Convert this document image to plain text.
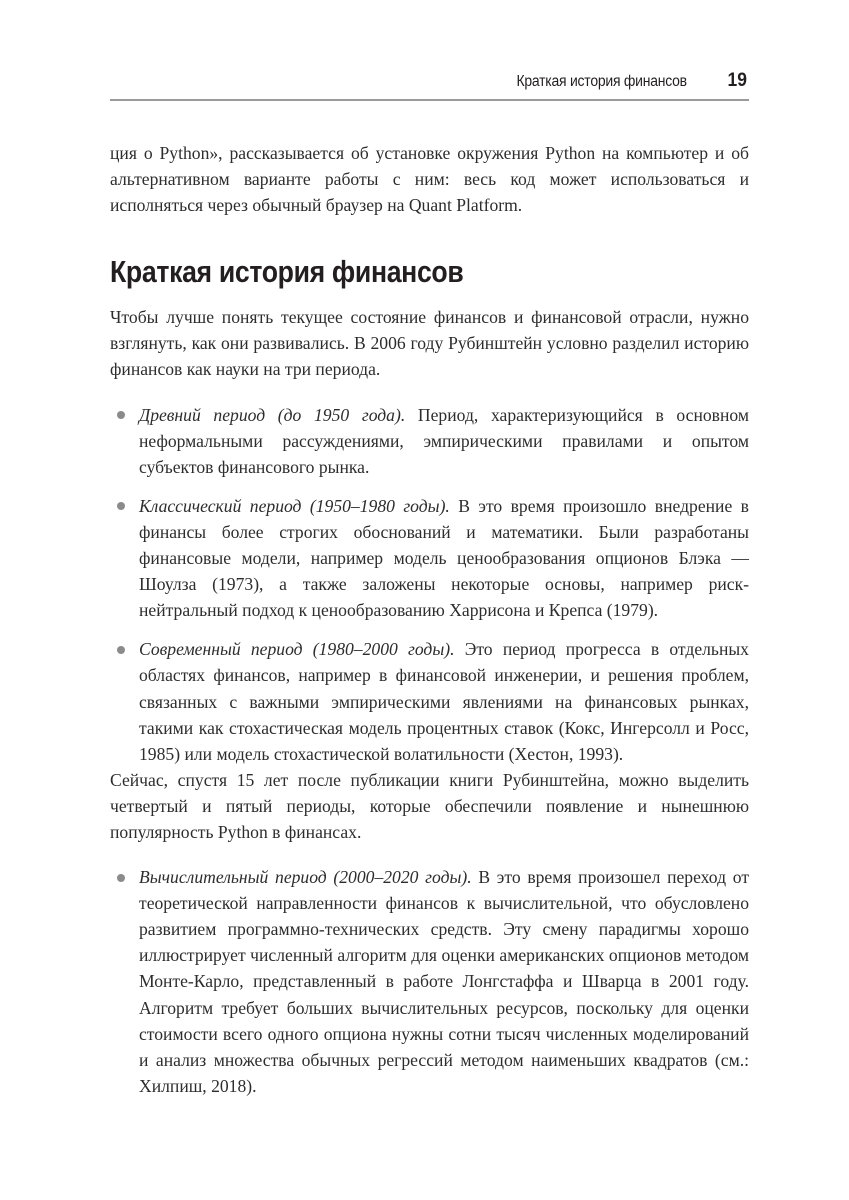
Краткая история финансов 19

ция о Python», рассказывается об установке окружения Python на компьютер и об альтернативном варианте работы с ним: весь код может использоваться и исполняться через обычный браузер на Quant Platform.

Краткая история финансов

Чтобы лучше понять текущее состояние финансов и финансовой отрасли, нужно взглянуть, как они развивались. В 2006 году Рубинштейн условно разделил историю финансов как науки на три периода.

Древний период (до 1950 года). Период, характеризующийся в основном неформальными рассуждениями, эмпирическими правилами и опытом субъектов финансового рынка.
Классический период (1950–1980 годы). В это время произошло внедрение в финансы более строгих обоснований и математики. Были разработаны финансовые модели, например модель ценообразования опционов Блэка — Шоулза (1973), а также заложены некоторые основы, например риск-нейтральный подход к ценообразованию Харрисона и Крепса (1979).
Современный период (1980–2000 годы). Это период прогресса в отдельных областях финансов, например в финансовой инженерии, и решения проблем, связанных с важными эмпирическими явлениями на финансовых рынках, такими как стохастическая модель процентных ставок (Кокс, Ингерсолл и Росс, 1985) или модель стохастической волатильности (Хестон, 1993).

Сейчас, спустя 15 лет после публикации книги Рубинштейна, можно выделить четвертый и пятый периоды, которые обеспечили появление и нынешнюю популярность Python в финансах.

Вычислительный период (2000–2020 годы). В это время произошел переход от теоретической направленности финансов к вычислительной, что обусловлено развитием программно-технических средств. Эту смену парадигмы хорошо иллюстрирует численный алгоритм для оценки американских опционов методом Монте-Карло, представленный в работе Лонгстаффа и Шварца в 2001 году. Алгоритм требует больших вычислительных ресурсов, поскольку для оценки стоимости всего одного опциона нужны сотни тысяч численных моделирований и анализ множества обычных регрессий методом наименьших квадратов (см.: Хилпиш, 2018).
